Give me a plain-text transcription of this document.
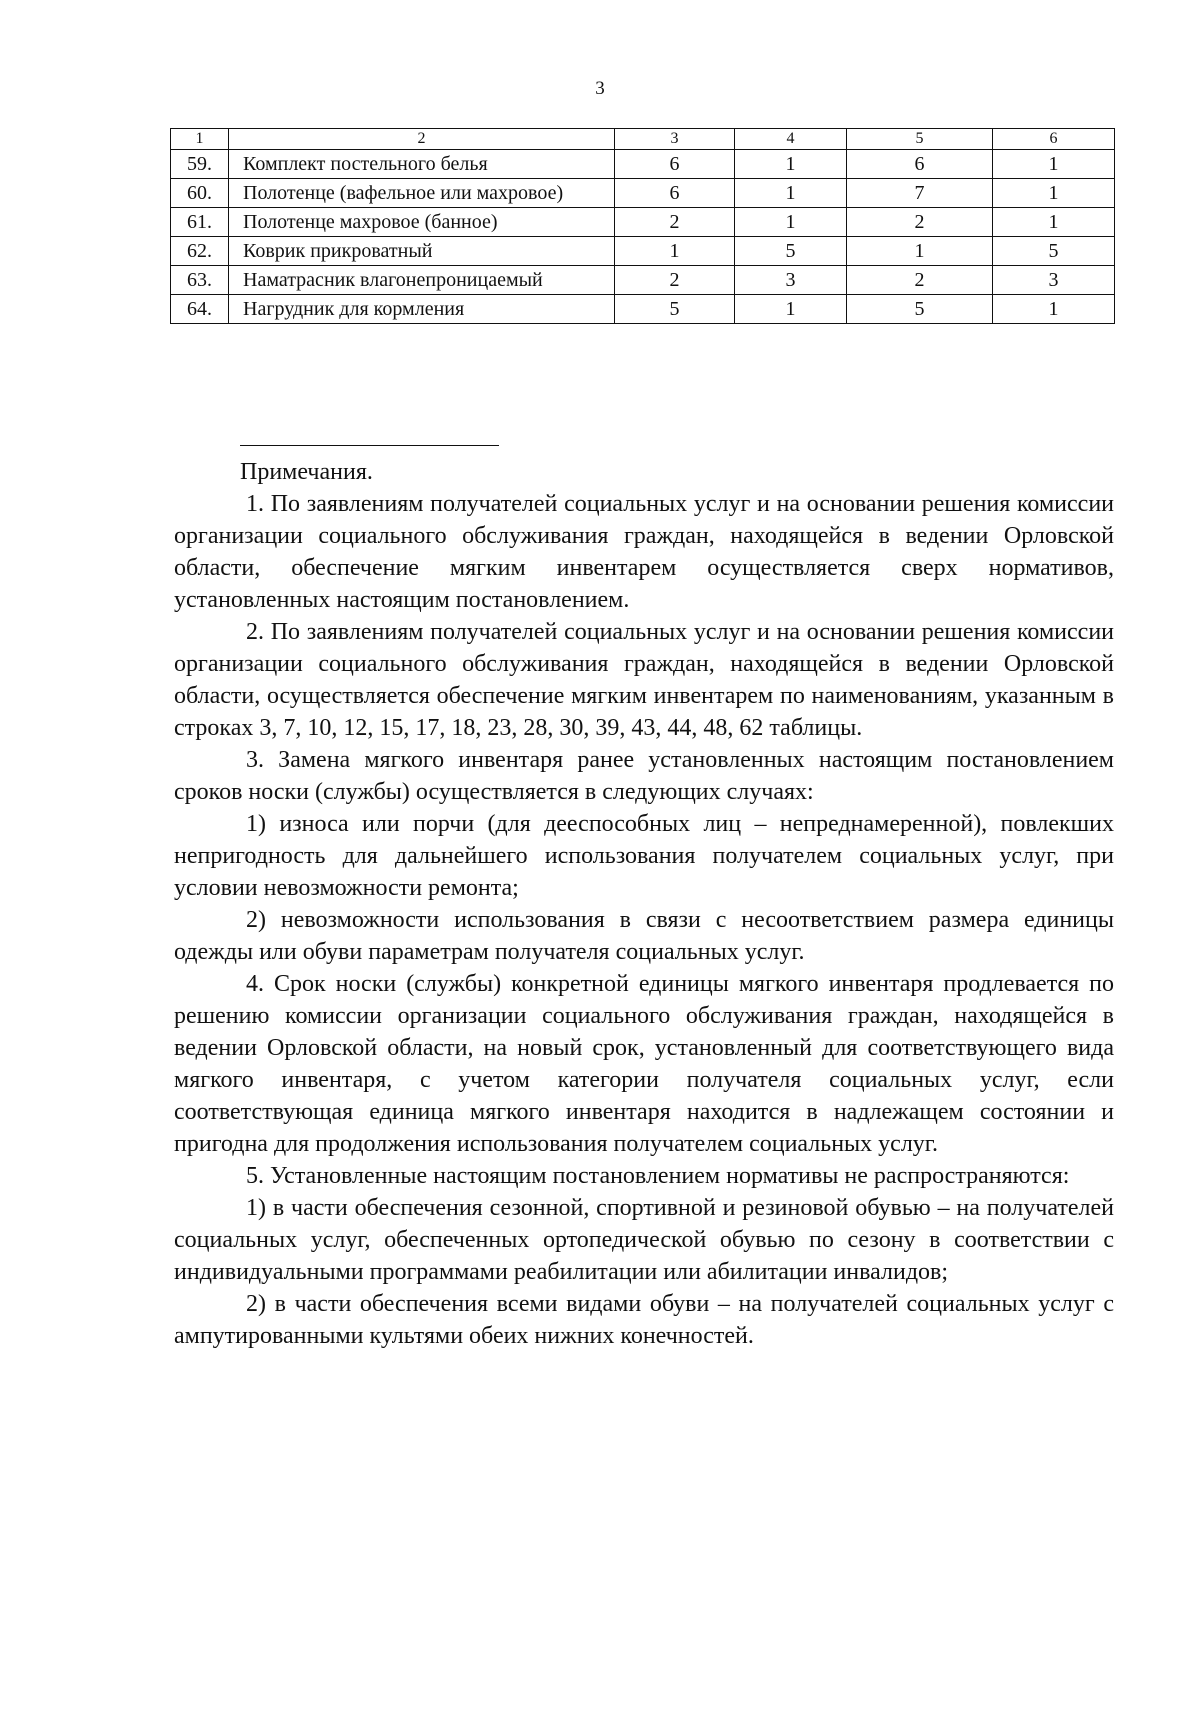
3
1	2	3	4	5	6
59.	Комплект постельного белья	6	1	6	1
60.	Полотенце (вафельное или махровое)	6	1	7	1
61.	Полотенце махровое (банное)	2	1	2	1
62.	Коврик прикроватный	1	5	1	5
63.	Наматрасник влагонепроницаемый	2	3	2	3
64.	Нагрудник для кормления	5	1	5	1
Примечания.

1. По заявлениям получателей социальных услуг и на основании решения комиссии организации социального обслуживания граждан, находящейся в ведении Орловской области, обеспечение мягким инвентарем осуществляется сверх нормативов, установленных настоящим постановлением.

2. По заявлениям получателей социальных услуг и на основании решения комиссии организации социального обслуживания граждан, находящейся в ведении Орловской области, осуществляется обеспечение мягким инвентарем по наименованиям, указанным в строках 3, 7, 10, 12, 15, 17, 18, 23, 28, 30, 39, 43, 44, 48, 62 таблицы.

3. Замена мягкого инвентаря ранее установленных настоящим постановлением сроков носки (службы) осуществляется в следующих случаях:

1) износа или порчи (для дееспособных лиц – непреднамеренной), повлекших непригодность для дальнейшего использования получателем социальных услуг, при условии невозможности ремонта;

2) невозможности использования в связи с несоответствием размера единицы одежды или обуви параметрам получателя социальных услуг.

4. Срок носки (службы) конкретной единицы мягкого инвентаря продлевается по решению комиссии организации социального обслуживания граждан, находящейся в ведении Орловской области, на новый срок, установленный для соответствующего вида мягкого инвентаря, с учетом категории получателя социальных услуг, если соответствующая единица мягкого инвентаря находится в надлежащем состоянии и пригодна для продолжения использования получателем социальных услуг.

5. Установленные настоящим постановлением нормативы не распространяются:

1) в части обеспечения сезонной, спортивной и резиновой обувью – на получателей социальных услуг, обеспеченных ортопедической обувью по сезону в соответствии с индивидуальными программами реабилитации или абилитации инвалидов;

2) в части обеспечения всеми видами обуви – на получателей социальных услуг с ампутированными культями обеих нижних конечностей.
